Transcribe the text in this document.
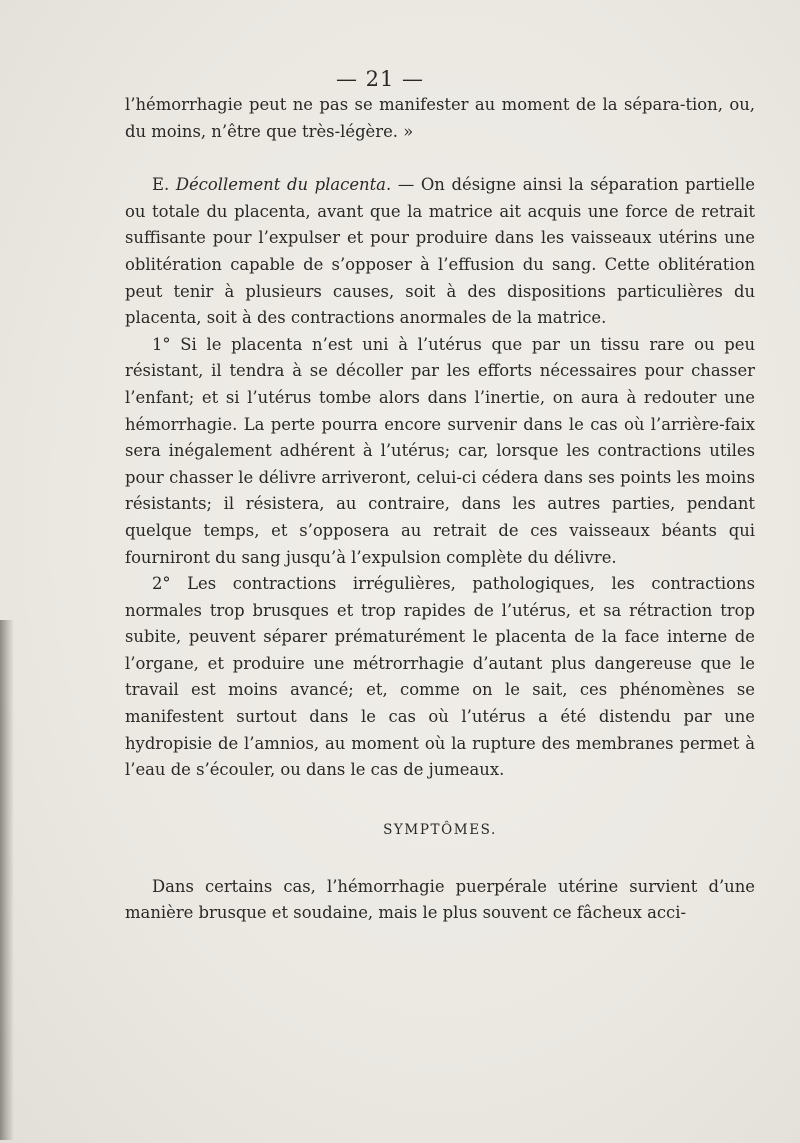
— 21 —

l’hémorrhagie peut ne pas se manifester au moment de la sépara-tion, ou, du moins, n’être que très-légère. »

E. Décollement du placenta. — On désigne ainsi la séparation partielle ou totale du placenta, avant que la matrice ait acquis une force de retrait suffisante pour l’expulser et pour produire dans les vaisseaux utérins une oblitération capable de s’opposer à l’effusion du sang. Cette oblitération peut tenir à plusieurs causes, soit à des dispositions particulières du placenta, soit à des contractions anormales de la matrice.

1° Si le placenta n’est uni à l’utérus que par un tissu rare ou peu résistant, il tendra à se décoller par les efforts nécessaires pour chasser l’enfant; et si l’utérus tombe alors dans l’inertie, on aura à redouter une hémorrhagie. La perte pourra encore survenir dans le cas où l’arrière-faix sera inégalement adhérent à l’utérus; car, lorsque les contractions utiles pour chasser le délivre arriveront, celui-ci cédera dans ses points les moins résistants; il résistera, au contraire, dans les autres parties, pendant quelque temps, et s’opposera au retrait de ces vaisseaux béants qui fourniront du sang jusqu’à l’expulsion complète du délivre.

2° Les contractions irrégulières, pathologiques, les contractions normales trop brusques et trop rapides de l’utérus, et sa rétraction trop subite, peuvent séparer prématurément le placenta de la face interne de l’organe, et produire une métrorrhagie d’autant plus dangereuse que le travail est moins avancé; et, comme on le sait, ces phénomènes se manifestent surtout dans le cas où l’utérus a été distendu par une hydropisie de l’amnios, au moment où la rupture des membranes permet à l’eau de s’écouler, ou dans le cas de jumeaux.

SYMPTÔMES.

Dans certains cas, l’hémorrhagie puerpérale utérine survient d’une manière brusque et soudaine, mais le plus souvent ce fâcheux acci-
